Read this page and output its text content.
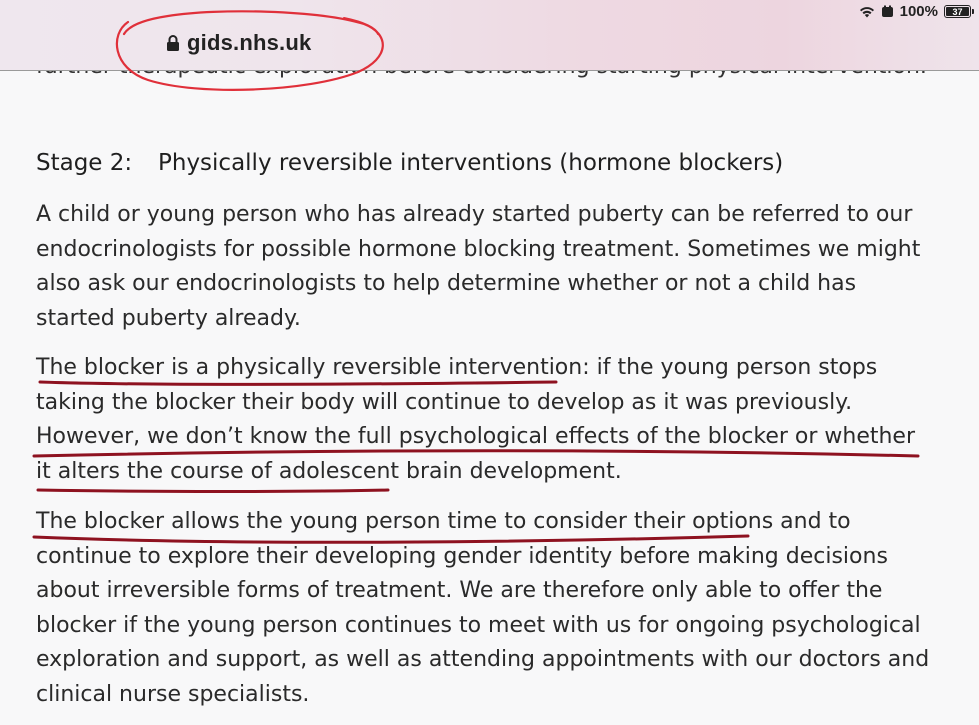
100% 37
gids.nhs.uk
Stage 2:	Physically reversible interventions (hormone blockers)

A child or young person who has already started puberty can be referred to our endocrinologists for possible hormone blocking treatment. Sometimes we might also ask our endocrinologists to help determine whether or not a child has started puberty already.

The blocker is a physically reversible intervention: if the young person stops taking the blocker their body will continue to develop as it was previously. However, we don’t know the full psychological effects of the blocker or whether it alters the course of adolescent brain development.

The blocker allows the young person time to consider their options and to continue to explore their developing gender identity before making decisions about irreversible forms of treatment. We are therefore only able to offer the blocker if the young person continues to meet with us for ongoing psychological exploration and support, as well as attending appointments with our doctors and clinical nurse specialists.
